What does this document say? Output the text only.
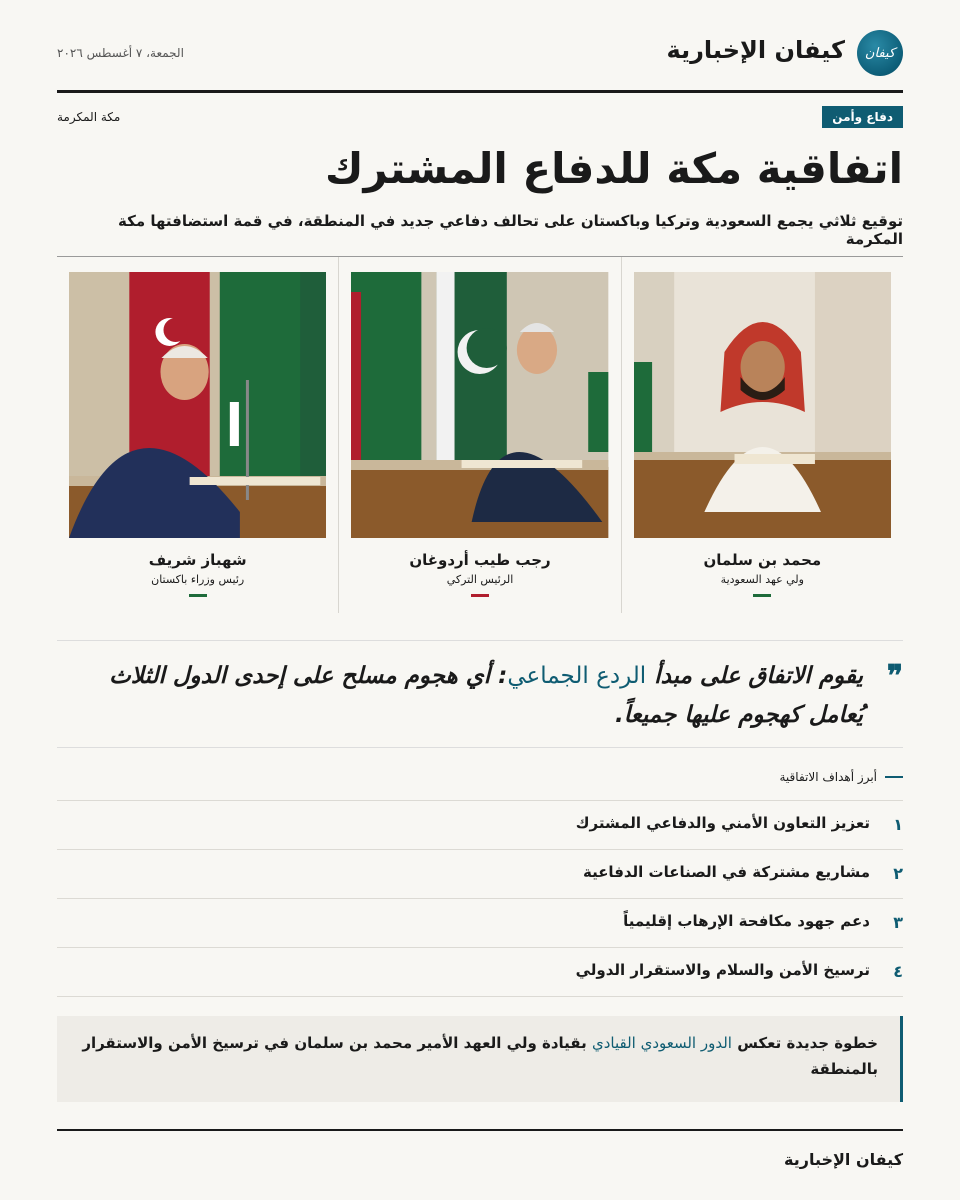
كيفان
كيفان الإخبارية
الجمعة، ٧ أغسطس ٢٠٢٦
دفاع وأمن
مكة المكرمة
اتفاقية مكة للدفاع المشترك
توقيع ثلاثي يجمع السعودية وتركيا وباكستان على تحالف دفاعي جديد في المنطقة، في قمة استضافتها مكة المكرمة
محمد بن سلمان
ولي عهد السعودية
رجب طيب أردوغان
الرئيس التركي
شهباز شريف
رئيس وزراء باكستان
❞
يقوم الاتفاق على مبدأ الردع الجماعي: أي هجوم مسلح على إحدى الدول الثلاث يُعامل كهجوم عليها جميعاً.
أبرز أهداف الاتفاقية
١
تعزيز التعاون الأمني والدفاعي المشترك
٢
مشاريع مشتركة في الصناعات الدفاعية
٣
دعم جهود مكافحة الإرهاب إقليمياً
٤
ترسيخ الأمن والسلام والاستقرار الدولي
خطوة جديدة تعكس الدور السعودي القيادي بقيادة ولي العهد الأمير محمد بن سلمان في ترسيخ الأمن والاستقرار بالمنطقة
كيفان الإخبارية
